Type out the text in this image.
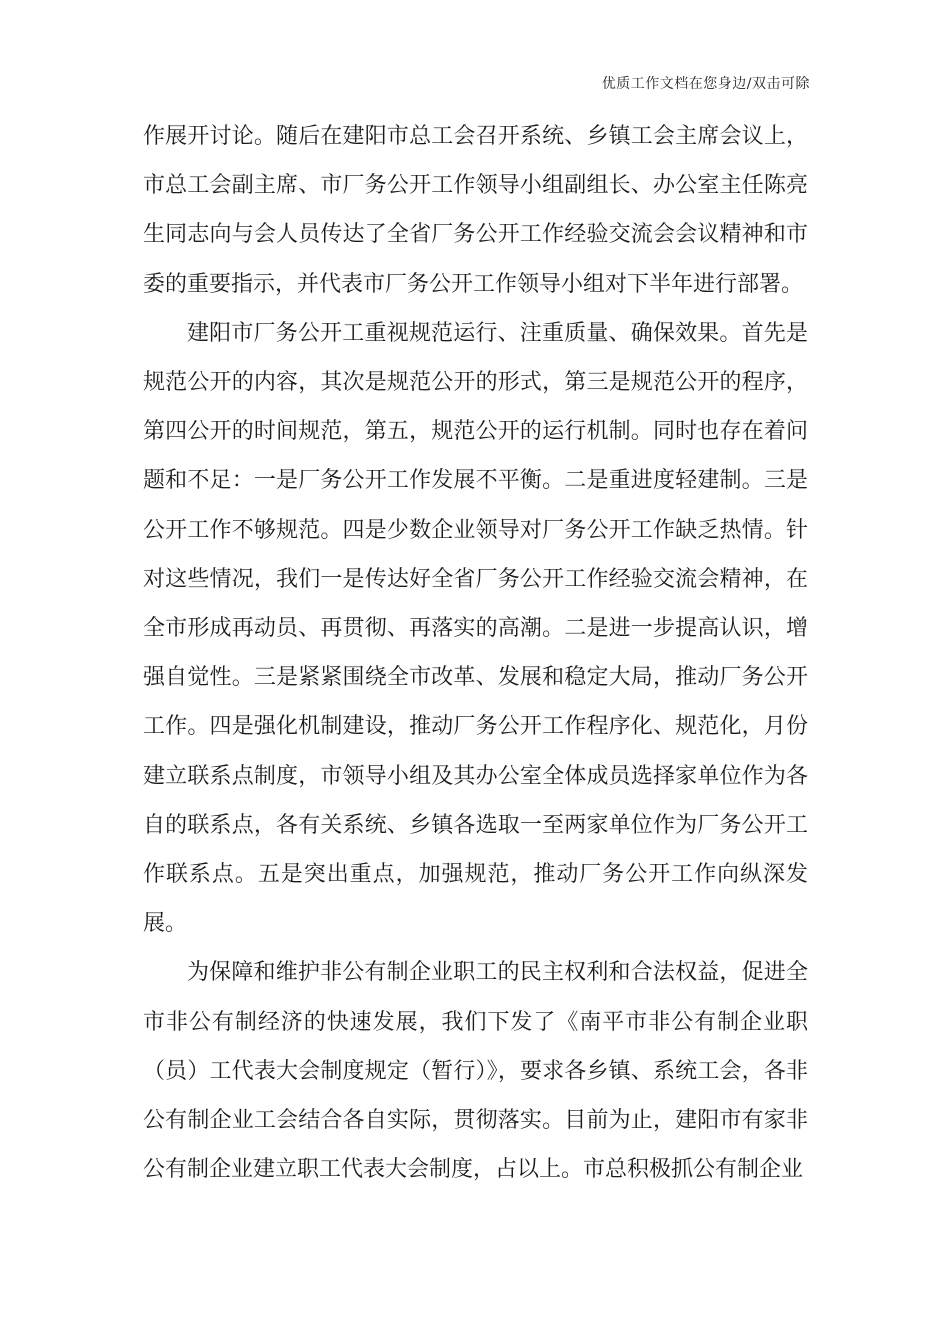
优质工作文档在您身边/双击可除

作展开讨论。随后在建阳市总工会召开系统、乡镇工会主席会议上，市总工会副主席、市厂务公开工作领导小组副组长、办公室主任陈亮生同志向与会人员传达了全省厂务公开工作经验交流会会议精神和市委的重要指示，并代表市厂务公开工作领导小组对下半年进行部署。

建阳市厂务公开工重视规范运行、注重质量、确保效果。首先是规范公开的内容，其次是规范公开的形式，第三是规范公开的程序，第四公开的时间规范，第五，规范公开的运行机制。同时也存在着问题和不足：一是厂务公开工作发展不平衡。二是重进度轻建制。三是公开工作不够规范。四是少数企业领导对厂务公开工作缺乏热情。针对这些情况，我们一是传达好全省厂务公开工作经验交流会精神，在全市形成再动员、再贯彻、再落实的高潮。二是进一步提高认识，增强自觉性。三是紧紧围绕全市改革、发展和稳定大局，推动厂务公开工作。四是强化机制建设，推动厂务公开工作程序化、规范化，月份建立联系点制度，市领导小组及其办公室全体成员选择家单位作为各自的联系点，各有关系统、乡镇各选取一至两家单位作为厂务公开工作联系点。五是突出重点，加强规范，推动厂务公开工作向纵深发展。

为保障和维护非公有制企业职工的民主权利和合法权益，促进全市非公有制经济的快速发展，我们下发了《南平市非公有制企业职（员）工代表大会制度规定（暂行）》，要求各乡镇、系统工会，各非公有制企业工会结合各自实际，贯彻落实。目前为止，建阳市有家非公有制企业建立职工代表大会制度，占以上。市总积极抓公有制企业
